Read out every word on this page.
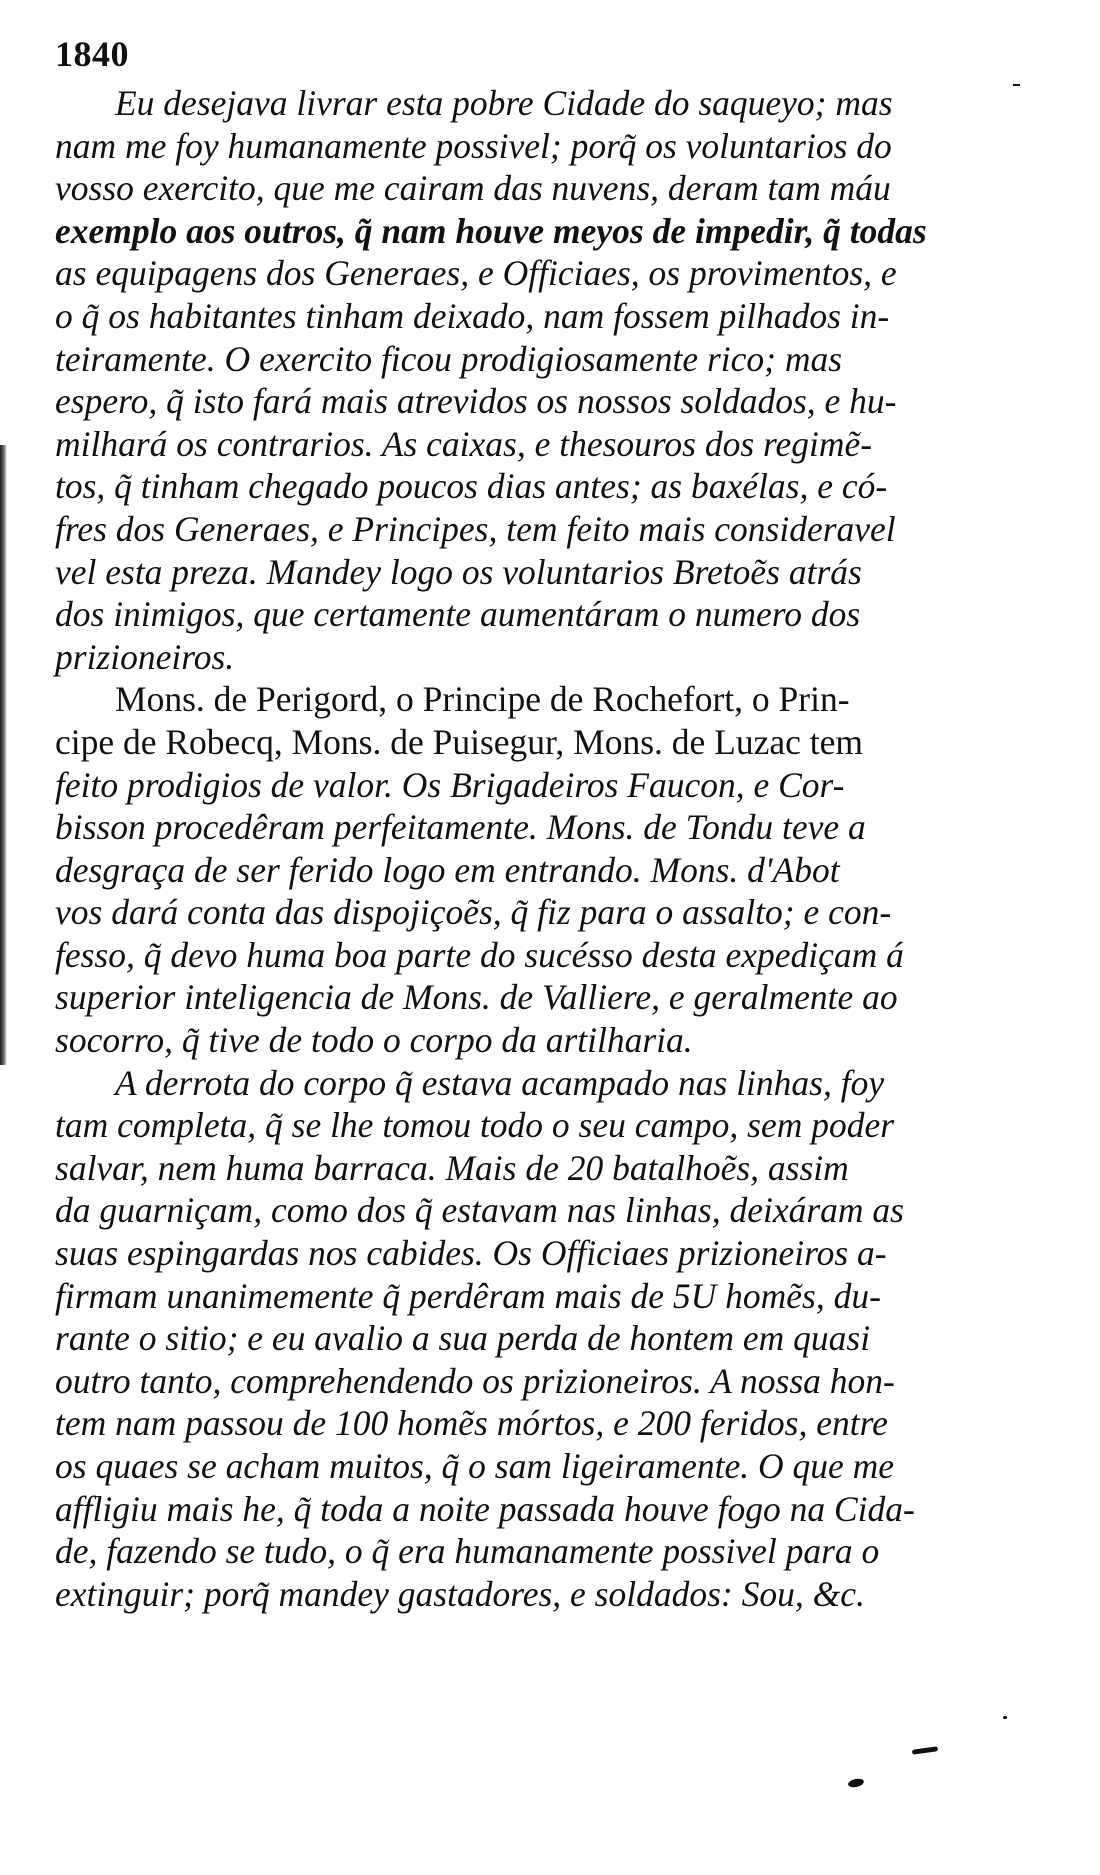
1840
Eu desejava livrar esta pobre Cidade do saqueyo; mas
nam me foy humanamente possivel; porq̃ os voluntarios do
vosso exercito, que me cairam das nuvens, deram tam máu
exemplo aos outros, q̃ nam houve meyos de impedir, q̃ todas
as equipagens dos Generaes, e Officiaes, os provimentos, e
o q̃ os habitantes tinham deixado, nam fossem pilhados in-
teiramente. O exercito ficou prodigiosamente rico; mas
espero, q̃ isto fará mais atrevidos os nossos soldados, e hu-
milhará os contrarios. As caixas, e thesouros dos regimẽ-
tos, q̃ tinham chegado poucos dias antes; as baxélas, e có-
fres dos Generaes, e Principes, tem feito mais consideravel
vel esta preza. Mandey logo os voluntarios Bretoẽs atrás
dos inimigos, que certamente aumentáram o numero dos
prizioneiros.
Mons. de Perigord, o Principe de Rochefort, o Prin-
cipe de Robecq, Mons. de Puisegur, Mons. de Luzac tem
feito prodigios de valor. Os Brigadeiros Faucon, e Cor-
bisson procedêram perfeitamente. Mons. de Tondu teve a
desgraça de ser ferido logo em entrando. Mons. d'Abot
vos dará conta das dispojiçoẽs, q̃ fiz para o assalto; e con-
fesso, q̃ devo huma boa parte do sucésso desta expediçam á
superior inteligencia de Mons. de Valliere, e geralmente ao
socorro, q̃ tive de todo o corpo da artilharia.
A derrota do corpo q̃ estava acampado nas linhas, foy
tam completa, q̃ se lhe tomou todo o seu campo, sem poder
salvar, nem huma barraca. Mais de 20 batalhoẽs, assim
da guarniçam, como dos q̃ estavam nas linhas, deixáram as
suas espingardas nos cabides. Os Officiaes prizioneiros a-
firmam unanimemente q̃ perdêram mais de 5U homẽs, du-
rante o sitio; e eu avalio a sua perda de hontem em quasi
outro tanto, comprehendendo os prizioneiros. A nossa hon-
tem nam passou de 100 homẽs mórtos, e 200 feridos, entre
os quaes se acham muitos, q̃ o sam ligeiramente. O que me
affligiu mais he, q̃ toda a noite passada houve fogo na Cida-
de, fazendo se tudo, o q̃ era humanamente possivel para o
extinguir; porq̃ mandey gastadores, e soldados: Sou, &c.
